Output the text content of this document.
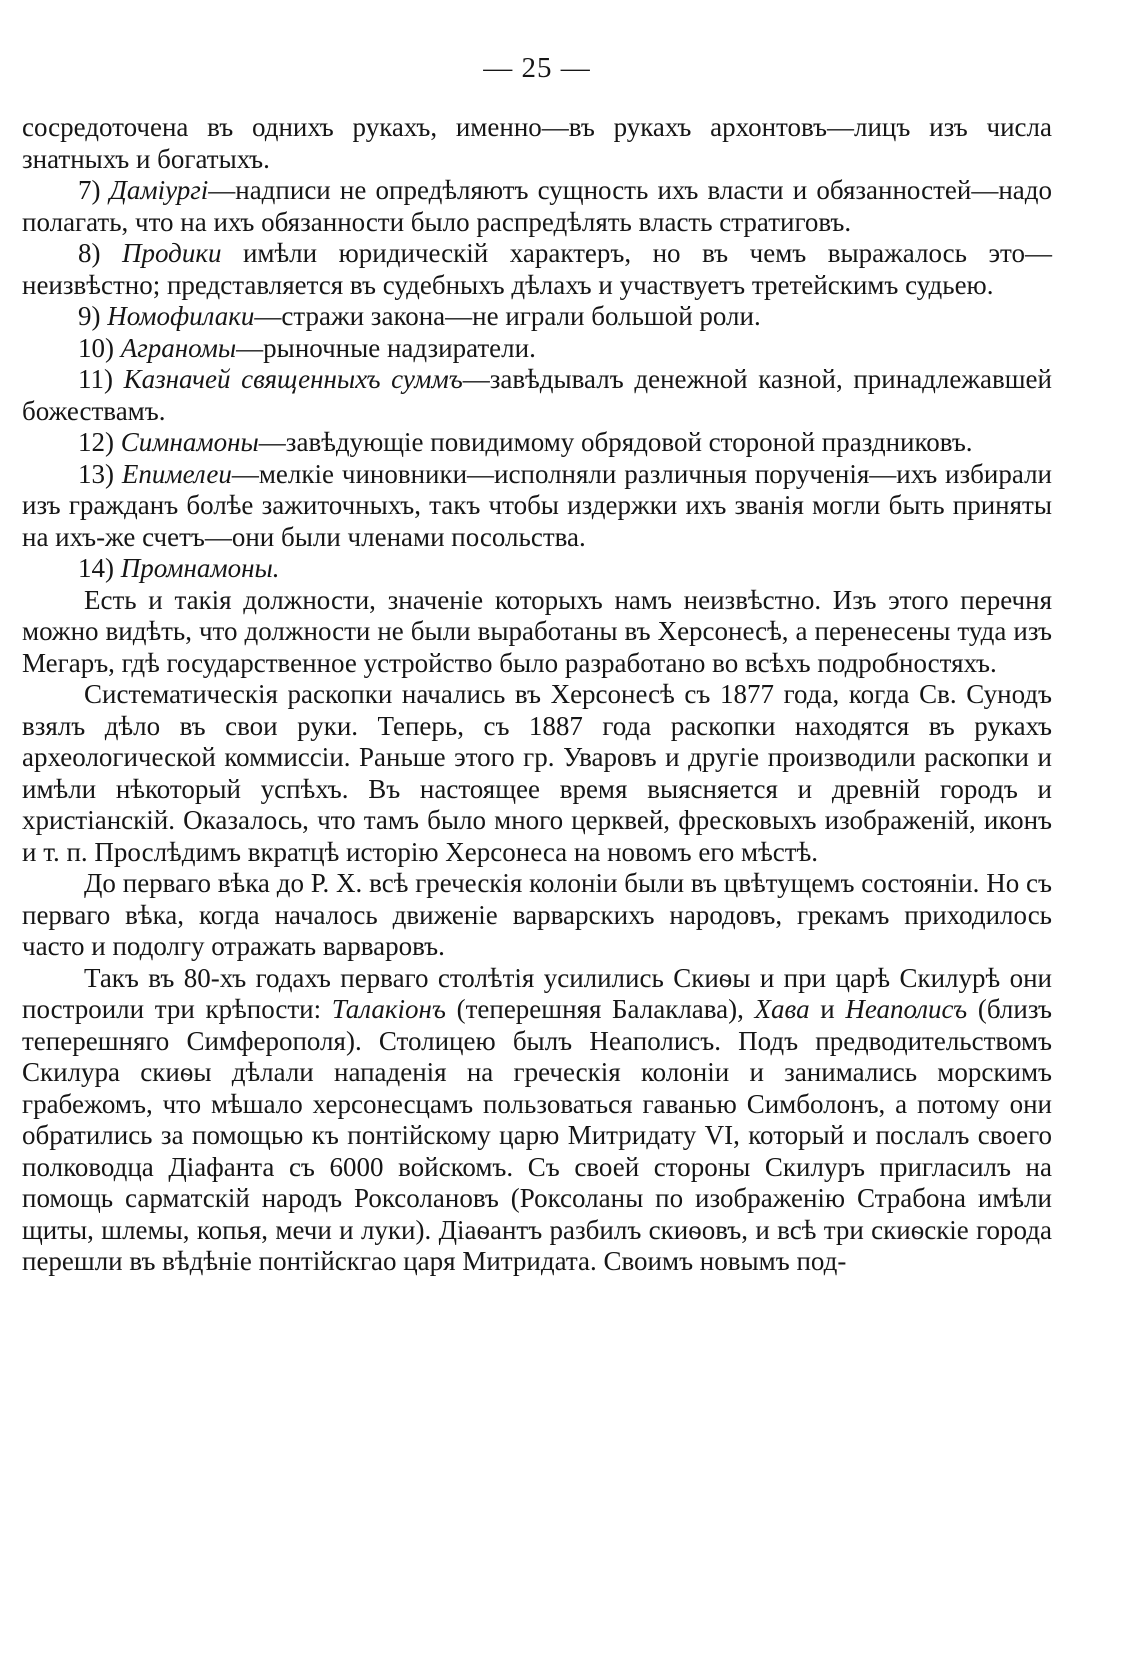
— 25 —

сосредоточена въ однихъ рукахъ, именно—въ рукахъ архонтовъ—лицъ изъ числа знатныхъ и богатыхъ.

7) Дамiургi—надписи не опредѣляютъ сущность ихъ власти и обязанностей—надо полагать, что на ихъ обязанности было распредѣлять власть стратиговъ.

8) Продики имѣли юридическiй характеръ, но въ чемъ выражалось это—неизвѣстно; представляется въ судебныхъ дѣлахъ и участвуетъ третейскимъ судьею.

9) Номофилаки—стражи закона—не играли большой роли.

10) Аграномы—рыночные надзиратели.

11) Казначей священныхъ суммъ—завѣдывалъ денежной казной, принадлежавшей божествамъ.

12) Симнамоны—завѣдующiе повидимому обрядовой стороной праздниковъ.

13) Епимелеи—мелкiе чиновники—исполняли различныя порученiя—ихъ избирали изъ гражданъ болѣе зажиточныхъ, такъ чтобы издержки ихъ званiя могли быть приняты на ихъ-же счетъ—они были членами посольства.

14) Промнамоны.

Есть и такiя должности, значенiе которыхъ намъ неизвѣстно. Изъ этого перечня можно видѣть, что должности не были выработаны въ Херсонесѣ, а перенесены туда изъ Мегаръ, гдѣ государственное устройство было разработано во всѣхъ подробностяхъ.

Систематическiя раскопки начались въ Херсонесѣ съ 1877 года, когда Св. Сунодъ взялъ дѣло въ свои руки. Теперь, съ 1887 года раскопки находятся въ рукахъ археологической коммиссiи. Раньше этого гр. Уваровъ и другiе производили раскопки и имѣли нѣкоторый успѣхъ. Въ настоящее время выясняется и древнiй городъ и христiанскiй. Оказалось, что тамъ было много церквей, фресковыхъ изображенiй, иконъ и т. п. Прослѣдимъ вкратцѣ исторiю Херсонеса на новомъ его мѣстѣ.

До перваго вѣка до Р. Х. всѣ греческiя колонiи были въ цвѣтущемъ состоянiи. Но съ перваго вѣка, когда началось движенiе варварскихъ народовъ, грекамъ приходилось часто и подолгу отражать варваровъ.

Такъ въ 80-хъ годахъ перваго столѣтiя усилились Скиѳы и при царѣ Скилурѣ они построили три крѣпости: Талакiонъ (теперешняя Балаклава), Хава и Неаполисъ (близъ теперешняго Симферополя). Столицею былъ Неаполисъ. Подъ предводительствомъ Скилура скиѳы дѣлали нападенiя на греческiя колонiи и занимались морскимъ грабежомъ, что мѣшало херсонесцамъ пользоваться гаванью Симболонъ, а потому они обратились за помощью къ понтiйскому царю Митридату VI, который и послалъ своего полководца Дiафанта съ 6000 войскомъ. Съ своей стороны Скилуръ пригласилъ на помощь сарматскiй народъ Роксолановъ (Роксоланы по изображенiю Страбона имѣли щиты, шлемы, копья, мечи и луки). Дiаѳантъ разбилъ скиѳовъ, и всѣ три скиѳскiе города перешли въ вѣдѣнiе понтiйскгао царя Митридата. Своимъ новымъ под-
